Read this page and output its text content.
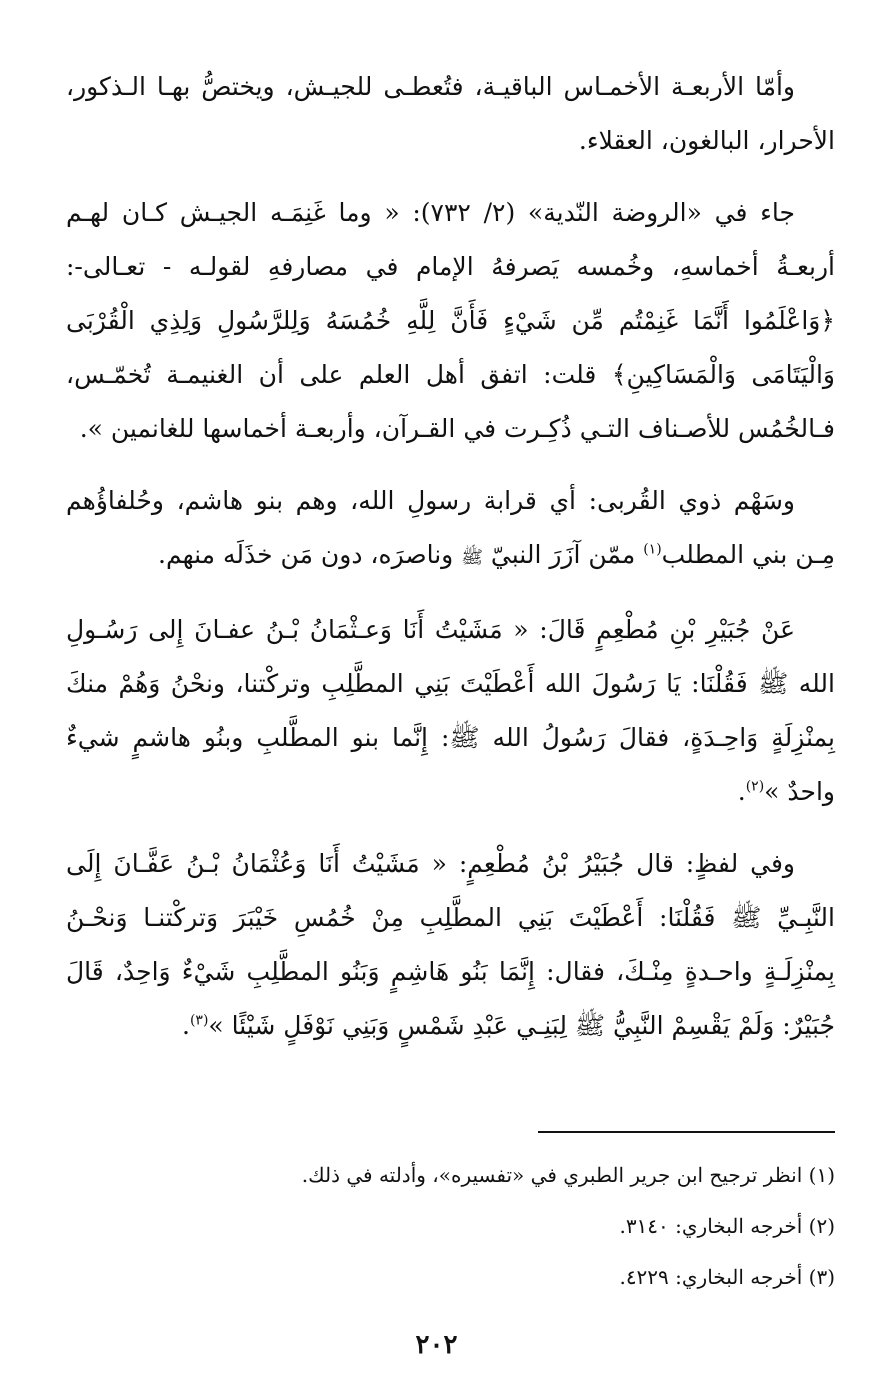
وأمّا الأربعـة الأخمـاس الباقيـة، فتُعطـى للجيـش، ويختصُّ بهـا الـذكور، الأحرار، البالغون، العقلاء.

جاء في «الروضة النّدية» (٢/ ٧٣٢): « وما غَنِمَـه الجيـش كـان لهـم أربعـةُ أخماسهِ، وخُمسه يَصرفهُ الإمام في مصارفهِ لقولـه - تعـالى-: ﴿وَاعْلَمُوا أَنَّمَا غَنِمْتُم مِّن شَيْءٍ فَأَنَّ لِلَّهِ خُمُسَهُ وَلِلرَّسُولِ وَلِذِي الْقُرْبَى وَالْيَتَامَى وَالْمَسَاكِينِ﴾ قلت: اتفق أهل العلم على أن الغنيمـة تُخمّـس، فـالخُمُس للأصـناف التـي ذُكِـرت في القـرآن، وأربعـة أخماسها للغانمين ».

وسَهْم ذوي القُربى: أي قرابة رسولِ الله، وهم بنو هاشم، وحُلفاؤُهم مِـن بني المطلب$^{(١)}$ ممّن آزَرَ النبيّ ﷺ وناصرَه، دون مَن خذَلَه منهم.

عَنْ جُبَيْرِ بْنِ مُطْعِمٍ قَالَ: « مَشَيْتُ أَنَا وَعـثْمَانُ بْـنُ عفـانَ إِلى رَسُـولِ الله ﷺ فَقُلْنَا: يَا رَسُولَ الله أَعْطَيْتَ بَنِي المطَّلِبِ وتركْتنا، ونحْنُ وَهُمْ منكَ بِمنْزِلَةٍ وَاحِـدَةٍ، فقالَ رَسُولُ الله ﷺ: إِنَّما بنو المطَّلبِ وبنُو هاشمٍ شيءٌ واحدٌ »$^{(٢)}$.

وفي لفظٍ: قال جُبَيْرُ بْنُ مُطْعِمٍ: « مَشَيْتُ أَنَا وَعُثْمَانُ بْـنُ عَفَّـانَ إِلَى النَّبِـيِّ ﷺ فَقُلْنَا: أَعْطَيْتَ بَنِي المطَّلِبِ مِنْ خُمُسِ خَيْبَرَ وَتركْتنـا وَنحْـنُ بِمنْزِلَـةٍ واحـدةٍ مِنْـكَ، فقال: إِنَّمَا بَنُو هَاشِمٍ وَبَنُو المطَّلِبِ شَيْءٌ وَاحِدٌ، قَالَ جُبَيْرٌ: وَلَمْ يَقْسِمْ النَّبِيُّ ﷺ لِبَنِـي عَبْدِ شَمْسٍ وَبَنِي نَوْفَلٍ شَيْئًا »$^{(٣)}$.

(١) انظر ترجيح ابن جرير الطبري في «تفسيره»، وأدلته في ذلك.

(٢) أخرجه البخاري: ٣١٤٠.

(٣) أخرجه البخاري: ٤٢٢٩.

٢٠٢
